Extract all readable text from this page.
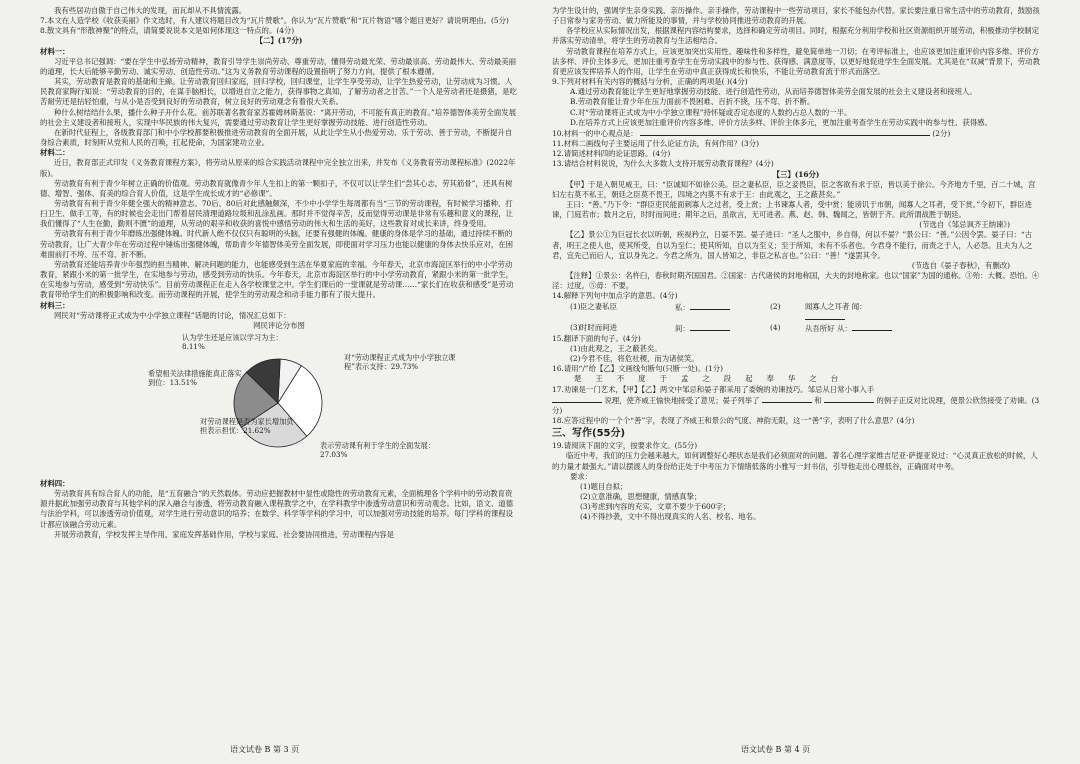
我有些居功自傲于自己伟大的发现，而瓦却从不具情流露。

7.本文在人造学校《收获美丽》作文选时，有人建议将题目改为“瓦片赞歌”。你认为“瓦片赞歌”和“瓦片物语”哪个题目更好？请说明理由。(5分)

8.散文具有“形散神聚”的特点，请简要说说本文是如何体现这一特点的。(4分)

【二】(17分)

材料一：

习近平总书记强调：“要在学生中弘扬劳动精神，教育引导学生崇尚劳动、尊重劳动，懂得劳动最光荣、劳动最崇高、劳动最伟大、劳动最美丽的道理，长大后能够辛勤劳动、诚实劳动、创造性劳动。”这为义务教育劳动课程的设置指明了努力方向，提供了根本遵循。

其实，劳动教育是教育的基础和主線。让劳动教育回归家庭，回归学校，回归课堂，让学生享受劳动，让学生热爱劳动，让劳动成为习惯。人民教育家陶行知说：“劳动教育的目的，在谋手脑相长，以增进自立之能力，获得事物之真知，了解劳动者之甘苦。”一个人是劳动者还是摄猪，是吃苦耐劳还是拈轻怕重，与从小是否受到良好的劳动教育，树立良好的劳动观念有着很大关系。

种什么树结结什么果，播什么种子开什么花。前苏联著名教育家苏霍姆林斯基说：“离开劳动，不可能有真正的教育。”培养德智体美劳全面发展的社会主义建设者和接班人，实现中华民族的伟大复兴，需要通过劳动教育让学生更好掌握劳动技能、进行创造性劳动。

在新时代征程上，各级教育部门和中小学校都要积极推进劳动教育的全面开展，从此让学生从小热爱劳动、乐于劳动、善于劳动，不断提升自身综合素质，时刻听从党和人民的召唤，扛起使命，为国家建功立业。

材料二：

近日，教育部正式印发《义务教育课程方案》，将劳动从原来的综合实践活动课程中完全独立出来，并发布《义务教育劳动课程标准》(2022年版)。

劳动教育有利于青少年树立正确的价值观。劳动教育就像青少年人生扣上的第一颗扣子，不仅可以让学生们“尝其心志，劳其筋骨”，还具有树德、增智、强体、育美的综合育人价值，这是学生成长成才的“必修课”。

劳动教育有利于青少年健全强大的精神意志。70后、80后对此感触颇深，不少中小学学生每周都有当“三节的劳动课程，有时候学习播种、打扫卫生、做手工等，有的时候也会走出门帮着居民清理道路垃圾和乱涂乱画。那时并不觉得辛苦，反而觉得劳动课是非常有乐趣和意义的课程，让我们懂得了“人生在勤，勤则不匮”的道理，从劳动的艰辛和收获的喜悦中感悟劳动的伟大和生活的美好，这些教育对成长来讲，终身受用。

劳动教育有利于青少年磨练出强健体魄。时代新人绝不仅仅只有聪明的头脑，还要有强健的体魄。健康的身体是学习的基础，通过持续不断的劳动教育，让广大青少年在劳动过程中锤炼出强健体魄，帮助青少年德智体美劳全面发展，即使面对学习压力也能以健康的身体去快乐应对，在困难面前打不垮、压不弯、折不断。

劳动教育还能培养青少年强烈的担当精神、解决问题的能力，也能感受到生活在华夏家庭的幸福。今年春天，北京市海淀区举行的中小学劳动教育，紧跟小米的第一批学生，在实地参与劳动，感受到劳动的快乐。今年春天，北京市海淀区举行的中小学劳动教育，紧跟小米的第一批学生，在实地参与劳动，感受到“劳动快乐”。目前劳动课程正在走入各学校课堂之中。学生们课后的一堂课就是劳动课……“家长们在收获和感受”是劳动教育带给学生们的积极影响和改变。而劳动课程的开展，使学生的劳动观念和动手能力都有了很大提升。

材料三：

网民对“劳动课将正式成为中小学独立课程”话题的讨论，情况汇总如下：

网民评论分布图

认为学生还是应该以学习为主：8.11%
对“劳动课程正式成为中小学独立课程”表示支持：29.73%
表示劳动课有利于学生的全面发展：27.03%
对劳动课程是否为家长增加负担表示担忧：21.62%
希望相关法律措施能真正落实到位：13.51%

材料四：

劳动教育具有综合育人的功能，是“五育融合”的天然载体。劳动应把握教材中显性或隐性的劳动教育元素，全面梳理各个学科中的劳动教育资源并据此加强劳动教育与其他学科的深入融合与渗透，将劳动教育融入课程教学之中，在学科教学中渗透劳动意识和劳动观念。比如，语文、道德与法治学科，可以渗透劳动价值观，对学生进行劳动意识的培养；在数学、科学等学科的学习中，可以加强对劳动技能的培养。每门学科的课程设计都应该融合劳动元素。

开展劳动教育，学校发挥主导作用，家庭发挥基础作用，学校与家庭、社会要协同推进，劳动课程内容是

为学生设计的，强调学生亲身实践、亲历操作、亲手操作，劳动课程中一些劳动项目，家长不能包办代替。家长要注重日常生活中的劳动教育，鼓励孩子日常参与家务劳动、做力所能及的事情，并与学校协同推进劳动教育的开展。

各学校应从实际情况出发，根据课程内容结构要求，选择和确定劳动项目。同时，根据充分利用学校和社区资源组织开展劳动，积极推动学校制定并落实劳动清单，将学生的劳动教育与生活相结合。

劳动教育课程在培养方式上，应该更加突出实用性、趣味性和多样性，避免简单地一刀切；在考评标准上，也应该更加注重评价内容多维、评价方法多样、评价主体多元，更加注重考查学生在劳动实践中的参与性、获得感、满意度等，以更好地促进学生全面发展。尤其是在“双减”背景下，劳动教育更应该发挥培养人的作用，让学生在劳动中真正获得成长和快乐，不能让劳动教育流于形式而落空。

9.下列对材料有关内容的概括与分析，正确的两项是( )(4分)

A.通过劳动教育能让学生更好地掌握劳动技能、进行创造性劳动，从而培养德智体美劳全面发展的社会主义建设者和接班人。

B.劳动教育能让青少年在压力面前不畏困难、百折不挠，压不弯、折不断。

C.对“劳动课将正式成为中小学独立课程”持怀疑或否定态度的人数约占总人数的一半。

D.在培养方式上应该更加注重评价内容多维、评价方法多样、评价主体多元，更加注重考查学生在劳动实践中的参与性、获得感。

10.材料一的中心观点是：	(2分)

11.材料二画线句子主要运用了什么论证方法，有何作用？(3分)

12.请简述材料四的论证思路。(4分)

13.请结合材料说说，为什么大多数人支持开展劳动教育课程？(4分)

【三】(16分)

【甲】于是入朝见威王，曰：“臣诚知不如徐公美。臣之妻私臣，臣之妾畏臣，臣之客欲有求于臣，皆以美于徐公。今齐地方千里，百二十城，宫妇左右莫不私王，朝廷之臣莫不畏王，四境之内莫不有求于王：由此观之，王之蔽甚矣。”

王曰：“善。”乃下令：“群臣吏民能面刺寡人之过者，受上赏；上书谏寡人者，受中赏；能谤讥于市朝，闻寡人之耳者，受下赏。”令初下，群臣进谏，门庭若市；数月之后，时时而间进；期年之后，虽欲言，无可进者。燕、赵、韩、魏闻之，皆朝于齐。此所谓战胜于朝廷。

(节选自《邹忌讽齐王纳谏》)

【乙】景公①为巨冠长衣以听朝，疾视矜立，日晏不罢。晏子进曰：“圣人之服中，乡自得，何以不晏？”景公曰：“善。”公因令罢。晏子曰：“古者，明王之使人也，使其所受，自以为至仁；使其所知，自以为至义；至于所知，未有不乐者也。今君身不能行，而责之于人，人必怨。且夫为人之君，宜先己而后人，宜以身先之。今君之所为，国人皆知之，非臣之私言也。”公曰：“善！”遂罢其令。

(节选自《晏子春秋》，有删改)

【注释】①景公：名杵臼，春秋时期齐国国君。②国家：古代诸侯的封地称国，大夫的封地称家。也以“国家”为国的通称。③殆：大概、恐怕。④淫：过度。⑤毋：不要。

14.解释下列句中加点字的意思。(4分)

(1) 臣之妻私臣	私：	(2)	闻寡人之耳者 闻：
(3) 时时而间进	间：	(4)	从吾所好 从：

15.翻译下面的句子。(4分)

(1)由此观之，王之蔽甚矣。

(2)今君不佳，将危社稷，而为诸侯笑。

16.请用“/”给【乙】文画线句断句(只断一处)。(1分)

楚王不度于孟之段起奉华之台

17.劝谏是一门艺术，【甲】【乙】两文中邹忌和晏子都采用了委婉的劝谏技巧。邹忌从日常小事入手

说理，使齐威王愉快地接受了意见；晏子列举了	和	的例子正反对比说理，使景公欣然接受了劝谏。(3分)

18.应答过程中的一个个“善”字，表现了齐威王和景公的气度、神韵无限，这一“善”字，表明了什么意思？(4分)

三、写作(55分)

19.请阅读下面的文字，按要求作文。(55分)

临近中考，我们的压力会越来越大，如何调整好心理状态是我们必须面对的问题。著名心理学家维吉尼亚·萨提亚说过：“心灵真正放松的时候，人的力量才最强大。”请以摆渡人的身份给正处于中考压力下情绪低落的小雅写一封书信，引导他走出心理低谷，正确面对中考。

要求：

(1)题目自拟；

(2)立意准确，思想健康，情感真挚；

(3)考虑到内容的充实，文章不要少于600字；

(4)不得抄袭，文中不得出现真实的人名、校名、地名。

语文试卷 B 第 3 页	语文试卷 B 第 4 页
